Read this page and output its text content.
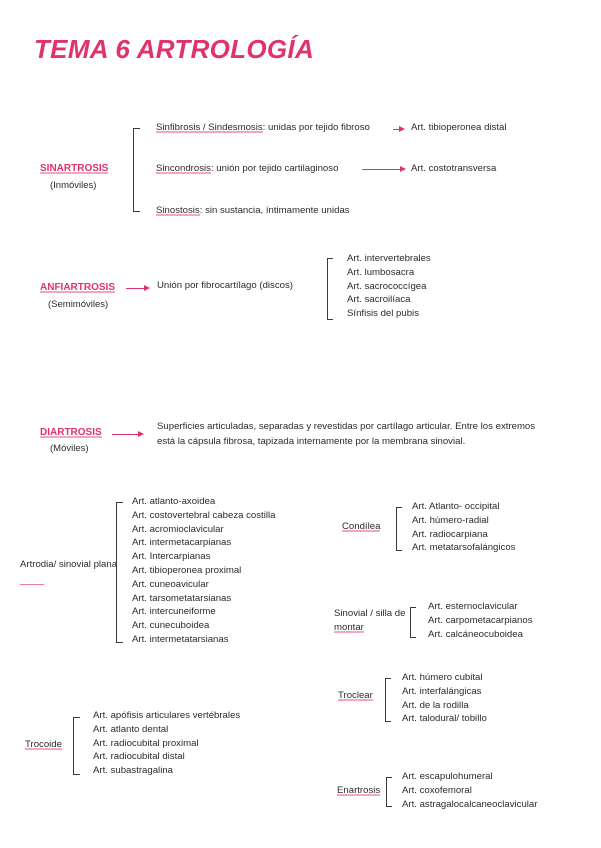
TEMA 6 ARTROLOGÍA
SINARTROSIS
(Inmóviles)
Sinfibrosis / Sindesmosis: unidas por tejido fibroso	Art. tibioperonea distal
Sincondrosis: unión por tejido cartilaginoso	Art. costotransversa
Sinostosis: sin sustancia, íntimamente unidas
ANFIARTROSIS
(Semimóviles)
Unión por fibrocartílago (discos)
Art. intervertebrales
Art. lumbosacra
Art. sacrococcígea
Art. sacroilíaca
Sínfisis del pubis
DIARTROSIS
(Móviles)
Superficies articuladas, separadas y revestidas por cartílago articular. Entre los extremos
está la cápsula fibrosa, tapizada internamente por la membrana sinovial.
Artrodia/ sinovial plana
Art. atlanto-axoidea
Art. costovertebral cabeza costilla
Art. acromioclavicular
Art. intermetacarpianas
Art. Intercarpianas
Art. tibioperonea proximal
Art. cuneoavicular
Art. tarsometatarsianas
Art. intercuneiforme
Art. cunecuboidea
Art. intermetatarsianas
Condílea
Art. Atlanto- occipital
Art. húmero-radial
Art. radiocarpiana
Art. metatarsofalángicos
Sinovial / silla de
montar
Art. esternoclavicular
Art. carpometacarpianos
Art. calcáneocuboidea
Troclear
Art. húmero cubital
Art. interfalángicas
Art. de la rodilla
Art. talodural/ tobillo
Trocoide
Art. apófisis articulares vertébrales
Art. atlanto dental
Art. radiocubital proximal
Art. radiocubital distal
Art. subastragalina
Enartrosis
Art. escapulohumeral
Art. coxofemoral
Art. astragalocalcaneoclavicular
